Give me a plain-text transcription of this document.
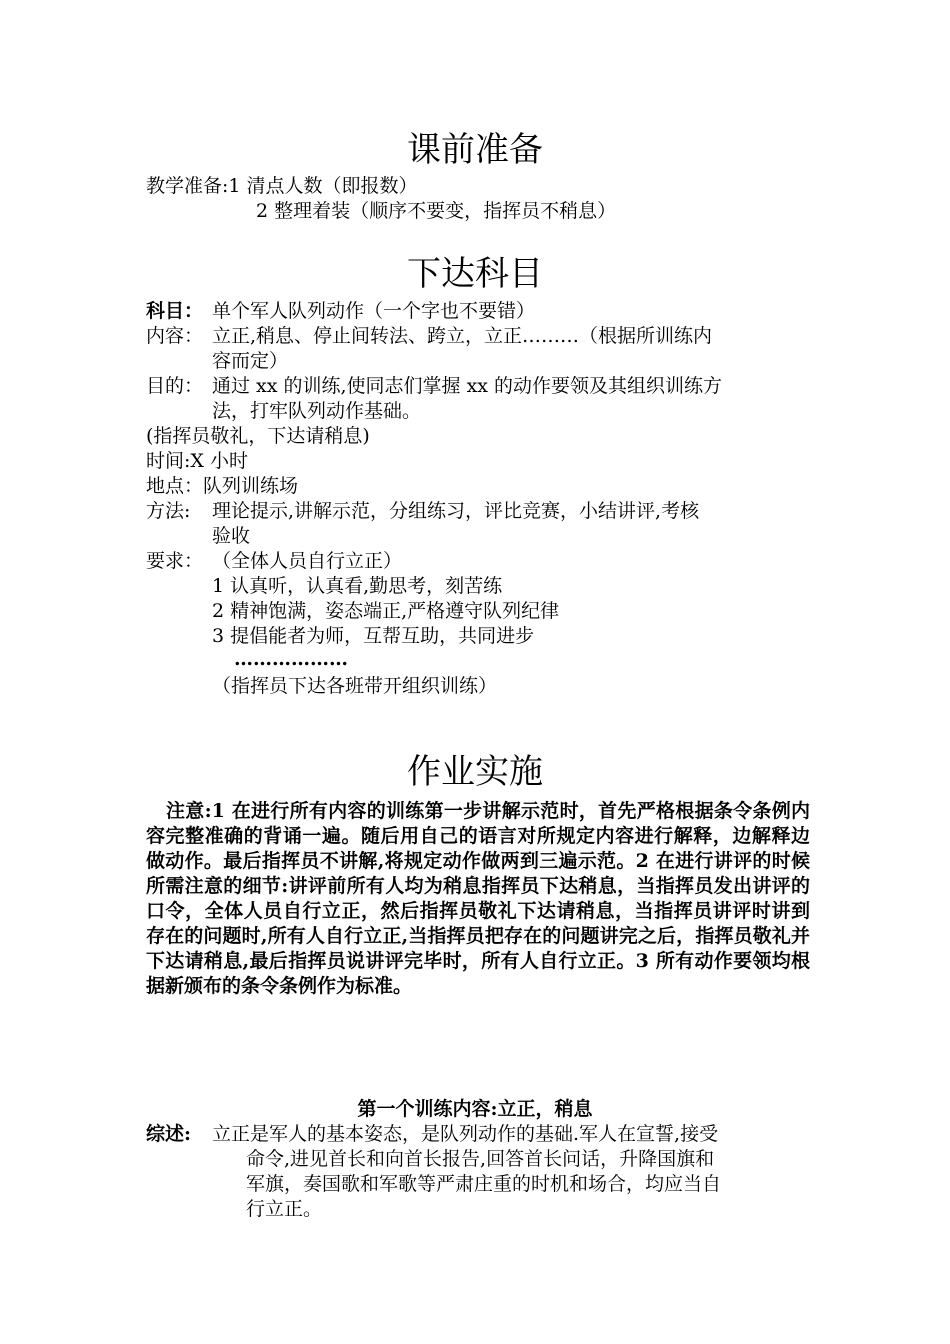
课前准备
教学准备:1 清点人数（即报数）
2 整理着装（顺序不要变，指挥员不稍息）
下达科目
科目： 单个军人队列动作（一个字也不要错）
内容： 立正,稍息、停止间转法、跨立，立正………（根据所训练内
容而定）
目的： 通过 xx 的训练,使同志们掌握 xx 的动作要领及其组织训练方
法，打牢队列动作基础。
(指挥员敬礼，下达请稍息)
时间:X 小时
地点：队列训练场
方法: 理论提示,讲解示范，分组练习，评比竞赛，小结讲评,考核
验收
要求： （全体人员自行立正）
1 认真听，认真看,勤思考，刻苦练
2 精神饱满，姿态端正,严格遵守队列纪律
3 提倡能者为师，互帮互助，共同进步
………………
（指挥员下达各班带开组织训练）
作业实施
注意:1 在进行所有内容的训练第一步讲解示范时，首先严格根据条令条例内容完整准确的背诵一遍。随后用自己的语言对所规定内容进行解释，边解释边做动作。最后指挥员不讲解,将规定动作做两到三遍示范。2 在进行讲评的时候所需注意的细节:讲评前所有人均为稍息指挥员下达稍息，当指挥员发出讲评的口令，全体人员自行立正，然后指挥员敬礼下达请稍息，当指挥员讲评时讲到存在的问题时,所有人自行立正,当指挥员把存在的问题讲完之后，指挥员敬礼并下达请稍息,最后指挥员说讲评完毕时，所有人自行立正。3 所有动作要领均根据新颁布的条令条例作为标准。
第一个训练内容:立正，稍息
综述: 立正是军人的基本姿态，是队列动作的基础.军人在宣誓,接受
命令,进见首长和向首长报告,回答首长问话，升降国旗和
军旗，奏国歌和军歌等严肃庄重的时机和场合，均应当自
行立正。
